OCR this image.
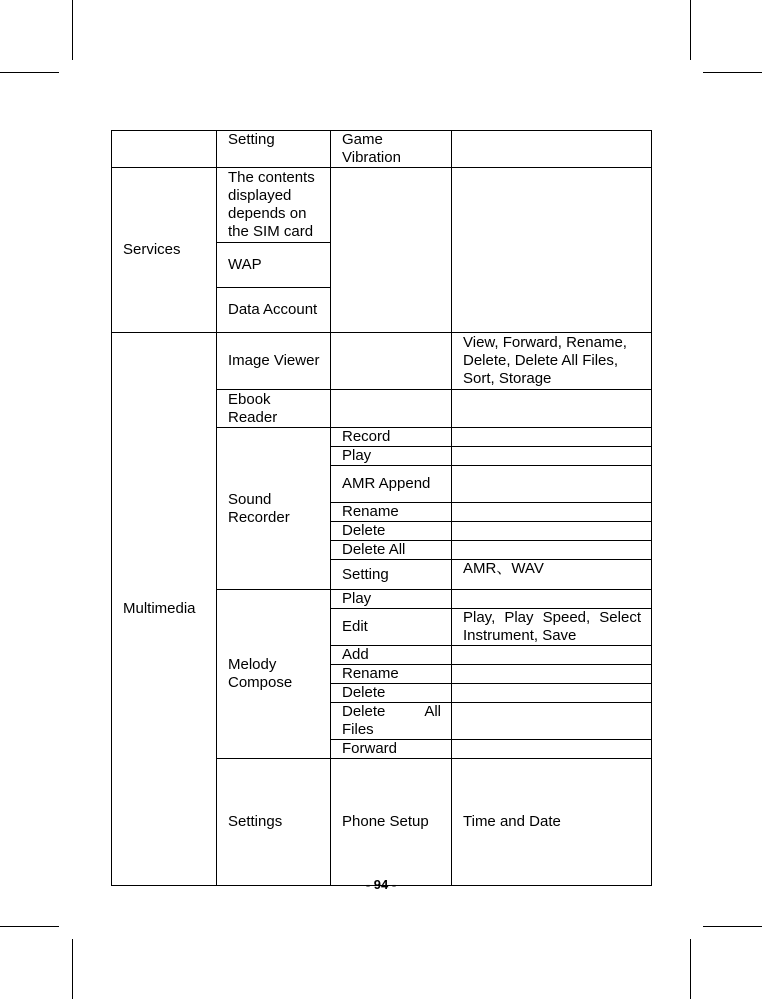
	Setting	Game Vibration		
Services	The contents displayed depends on the SIM card			
	WAP			
	Data Account			
Multimedia	Image Viewer		View, Forward, Rename, Delete, Delete All Files, Sort, Storage	
	Ebook Reader			
	Sound Recorder	Record		
		Play		
		AMR Append		
		Rename		
		Delete		
		Delete All		
		Setting	AMR、WAV	
	Melody Compose	Play		
		Edit	Play, Play Speed, Select Instrument, Save	
		Add		
		Rename		
		Delete		
		Delete All Files		
		Forward		
	Settings	Phone Setup	Time and Date	
- 94 -
